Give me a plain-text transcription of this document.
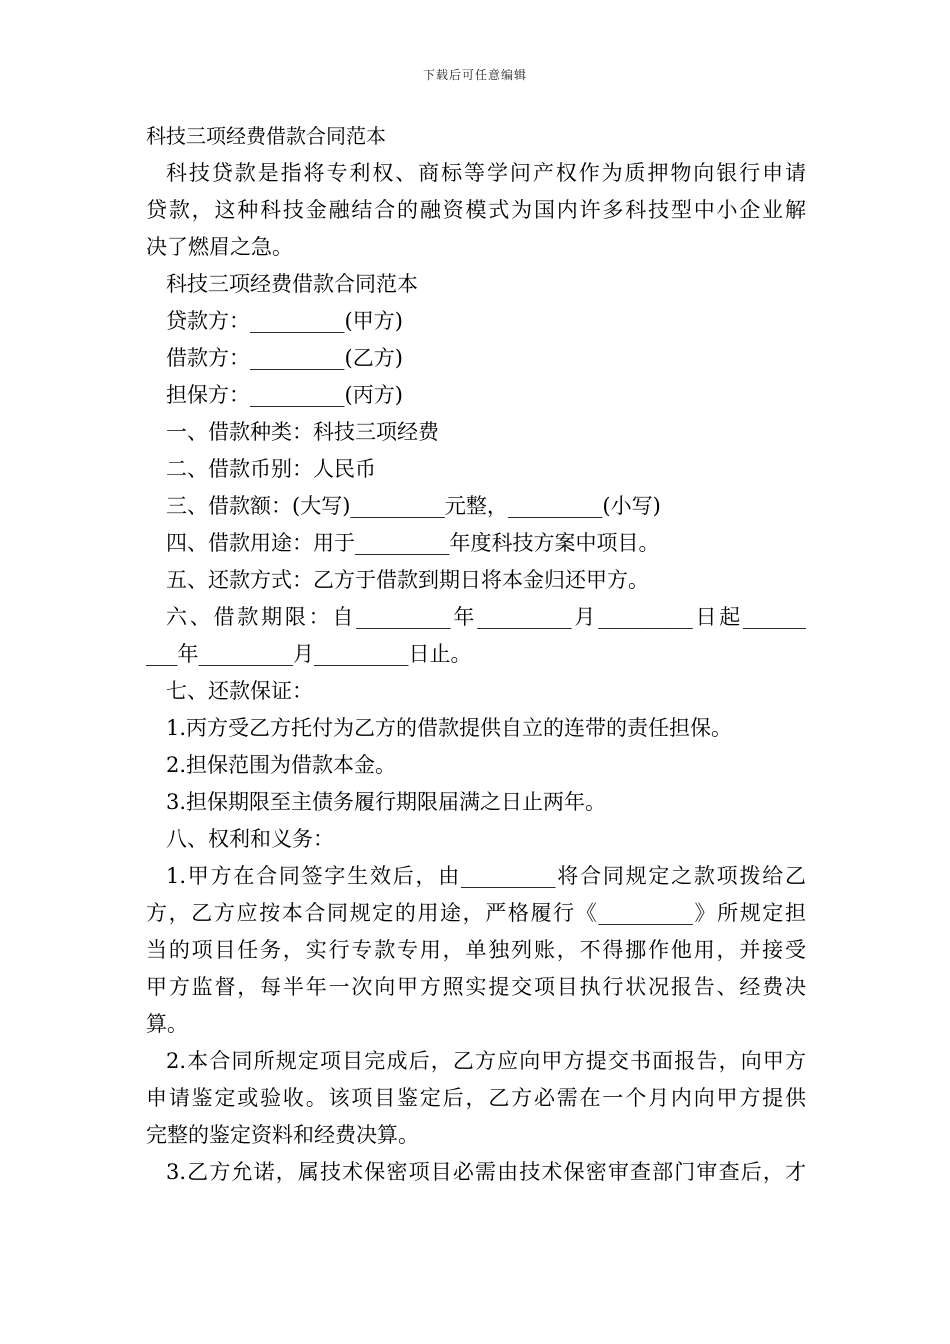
下载后可任意编辑
科技三项经费借款合同范本
科技贷款是指将专利权、商标等学问产权作为质押物向银行申请
贷款，这种科技金融结合的融资模式为国内许多科技型中小企业解
决了燃眉之急。
科技三项经费借款合同范本
贷款方：_________(甲方)
借款方：_________(乙方)
担保方：_________(丙方)
一、借款种类：科技三项经费
二、借款币别：人民币
三、借款额：(大写)_________元整，_________(小写)
四、借款用途：用于_________年度科技方案中项目。
五、还款方式：乙方于借款到期日将本金归还甲方。
六、借款期限：自_________年_________月_________日起______
___年_________月_________日止。
七、还款保证：
1.丙方受乙方托付为乙方的借款提供自立的连带的责任担保。
2.担保范围为借款本金。
3.担保期限至主债务履行期限届满之日止两年。
八、权利和义务：
1.甲方在合同签字生效后，由_________将合同规定之款项拨给乙
方，乙方应按本合同规定的用途，严格履行《_________》所规定担
当的项目任务，实行专款专用，单独列账，不得挪作他用，并接受
甲方监督，每半年一次向甲方照实提交项目执行状况报告、经费决
算。
2.本合同所规定项目完成后，乙方应向甲方提交书面报告，向甲方
申请鉴定或验收。该项目鉴定后，乙方必需在一个月内向甲方提供
完整的鉴定资料和经费决算。
3.乙方允诺，属技术保密项目必需由技术保密审查部门审查后，才
